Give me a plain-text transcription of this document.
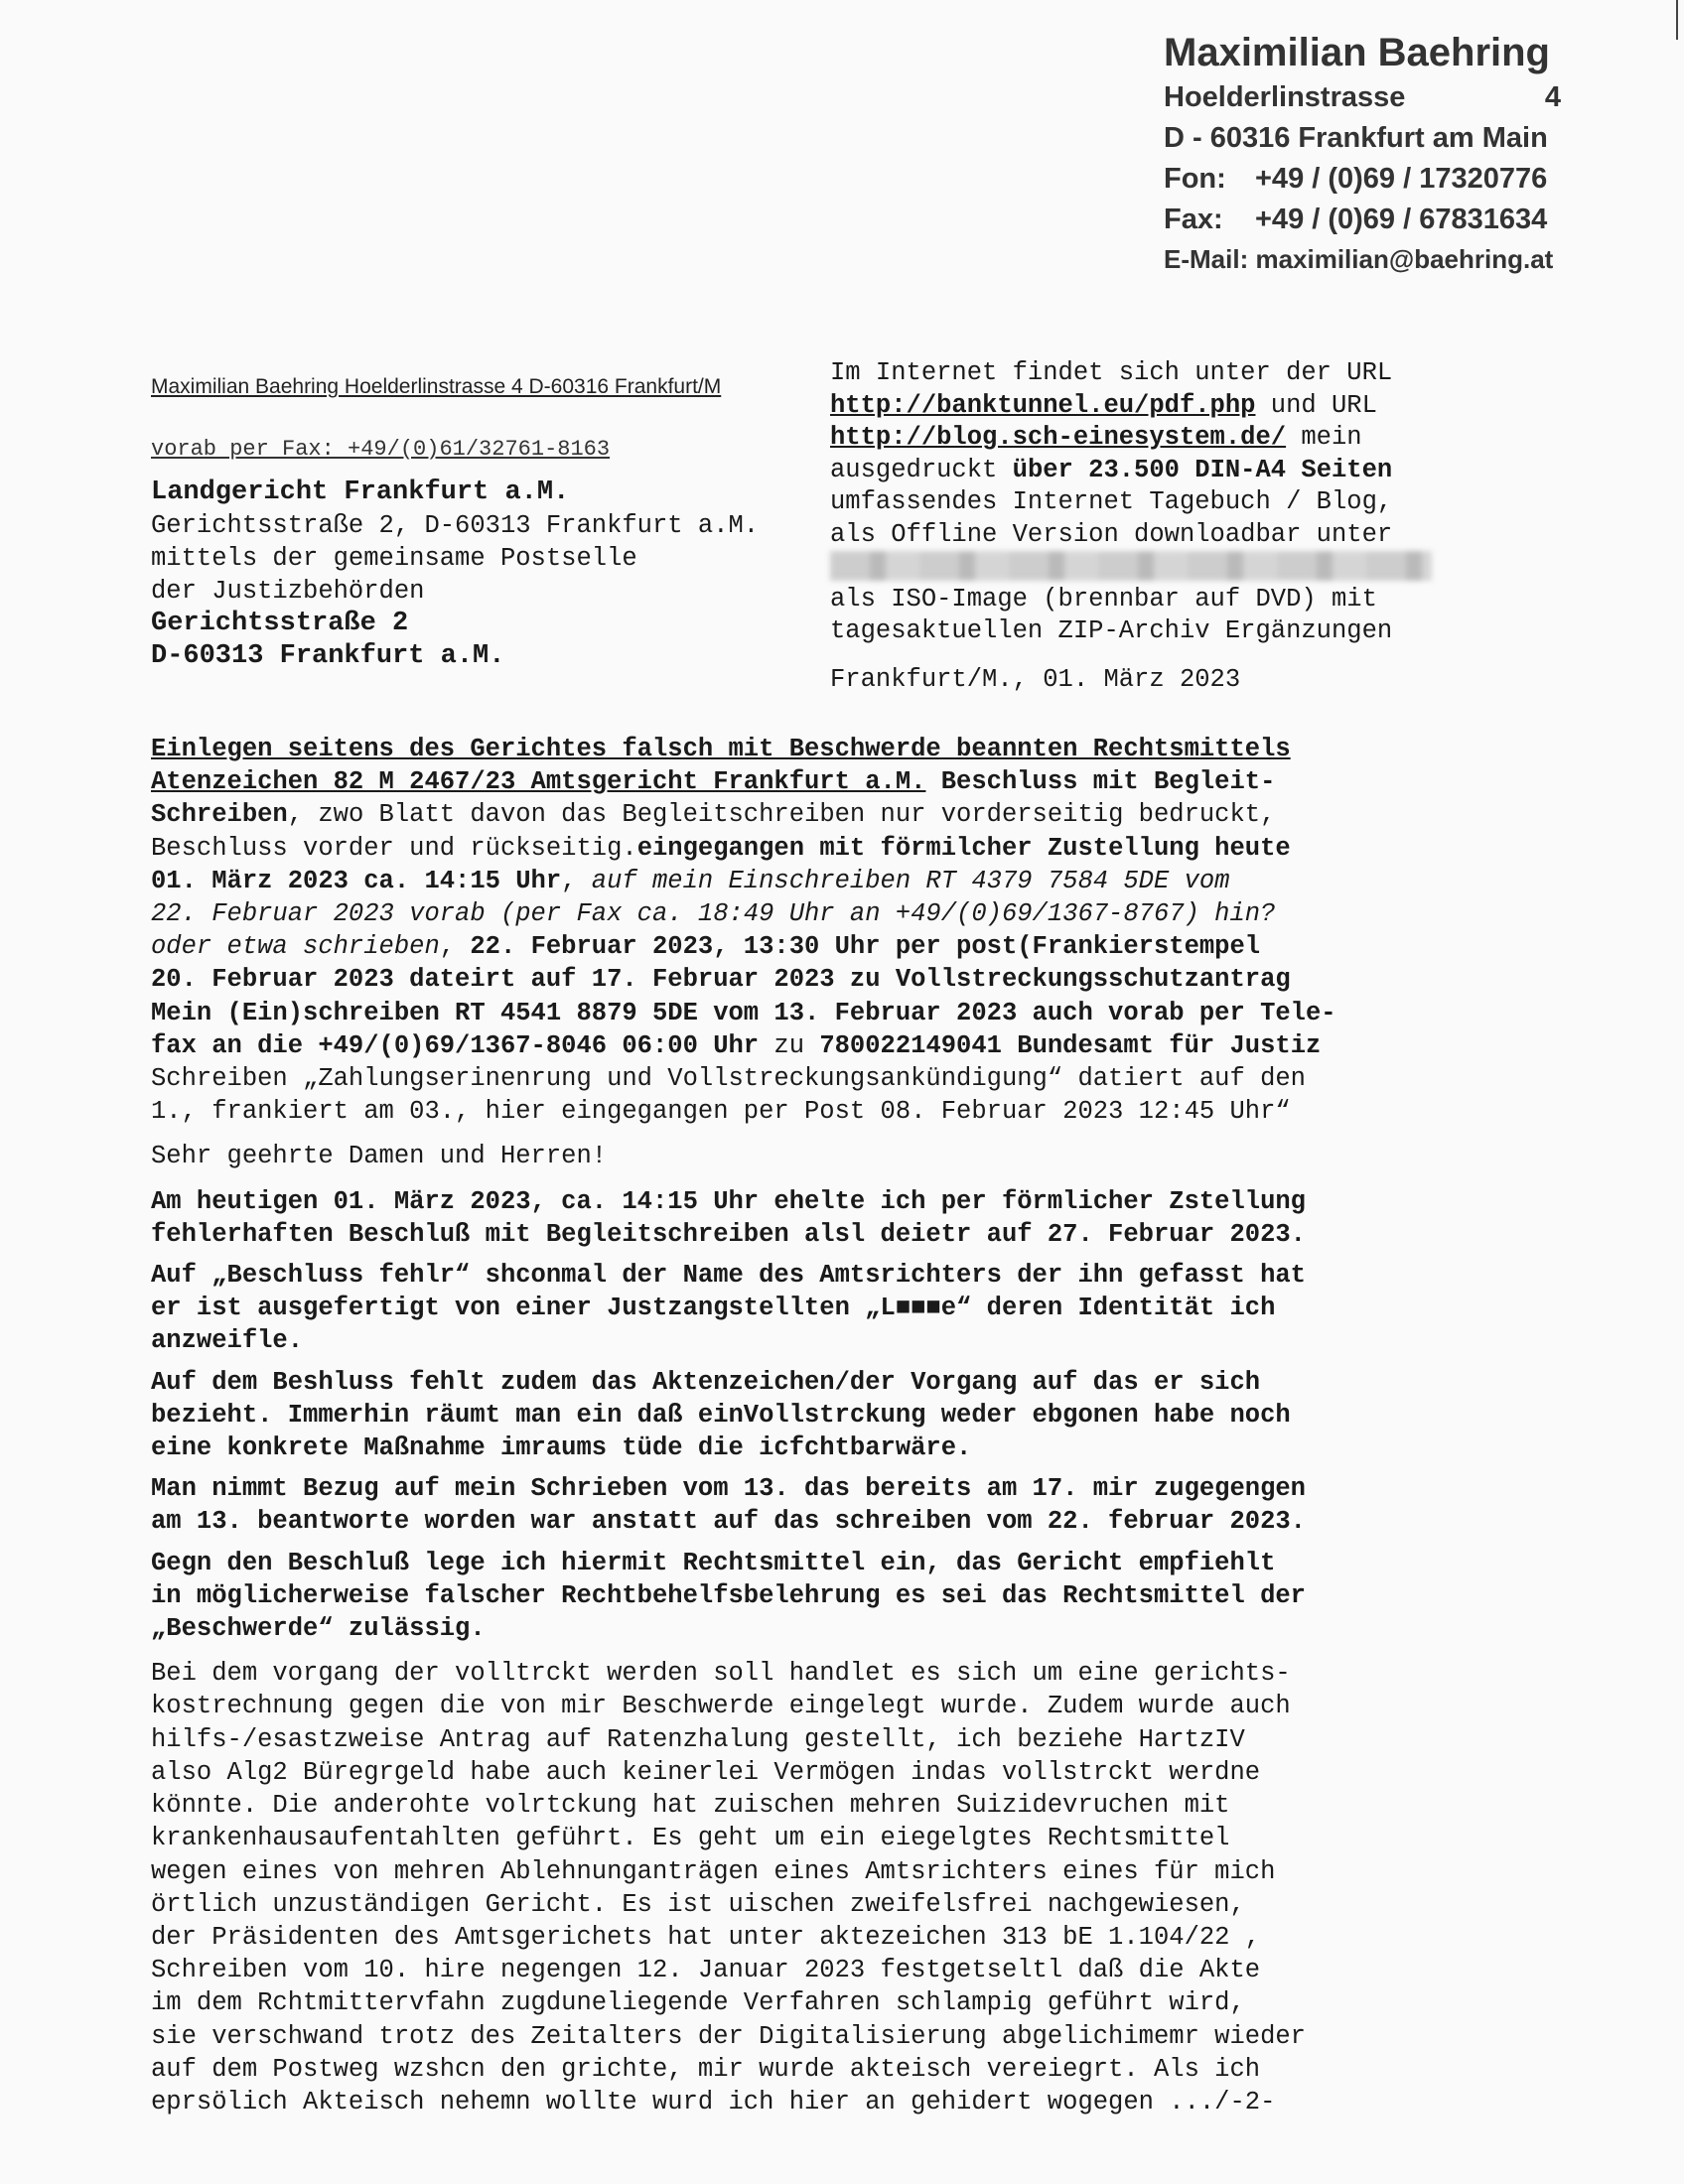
Maximilian Baehring
Hoelderlinstrasse	4
D - 60316 Frankfurt am Main
Fon:	+49 / (0)69 / 17320776
Fax:	+49 / (0)69 / 67831634
E-Mail: maximilian@baehring.at
Maximilian Baehring Hoelderlinstrasse 4 D-60316 Frankfurt/M
vorab per Fax: +49/(0)61/32761-8163
Landgericht Frankfurt a.M.
Gerichtsstraße 2, D-60313 Frankfurt a.M.
mittels der gemeinsame Postselle
der Justizbehörden
Gerichtsstraße 2
D-60313 Frankfurt a.M.
Im Internet findet sich unter der URL
http://banktunnel.eu/pdf.php und URL
http://blog.sch-einesystem.de/ mein
ausgedruckt über 23.500 DIN-A4 Seiten
umfassendes Internet Tagebuch / Blog,
als Offline Version downloadbar unter
als ISO-Image (brennbar auf DVD) mit
tagesaktuellen ZIP-Archiv Ergänzungen
Frankfurt/M., 01. März 2023
Einlegen seitens des Gerichtes falsch mit Beschwerde beannten Rechtsmittels
Atenzeichen 82 M 2467/23 Amtsgericht Frankfurt a.M. Beschluss mit Begleit-
Schreiben, zwo Blatt davon das Begleitschreiben nur vorderseitig bedruckt,
Beschluss vorder und rückseitig.eingegangen mit förmilcher Zustellung heute
01. März 2023 ca. 14:15 Uhr, auf mein Einschreiben RT 4379 7584 5DE vom
22. Februar 2023 vorab (per Fax ca. 18:49 Uhr an +49/(0)69/1367-8767) hin?
oder etwa schrieben, 22. Februar 2023, 13:30 Uhr per post(Frankierstempel
20. Februar 2023 dateirt auf 17. Februar 2023 zu Vollstreckungsschutzantrag
Mein (Ein)schreiben RT 4541 8879 5DE vom 13. Februar 2023 auch vorab per Tele-
fax an die +49/(0)69/1367-8046 06:00 Uhr zu 780022149041 Bundesamt für Justiz
Schreiben „Zahlungserinenrung und Vollstreckungsankündigung“ datiert auf den
1., frankiert am 03., hier eingegangen per Post 08. Februar 2023 12:45 Uhr“
Sehr geehrte Damen und Herren!
Am heutigen 01. März 2023, ca. 14:15 Uhr ehelte ich per förmlicher Zstellung
fehlerhaften Beschluß mit Begleitschreiben alsl deietr auf 27. Februar 2023.
Auf „Beschluss fehlr“ shconmal der Name des Amtsrichters der ihn gefasst hat
er ist ausgefertigt von einer Justzangstellten „L■■■e“ deren Identität ich
anzweifle.
Auf dem Beshluss fehlt zudem das Aktenzeichen/der Vorgang auf das er sich
bezieht. Immerhin räumt man ein daß einVollstrckung weder ebgonen habe noch
eine konkrete Maßnahme imraums tüde die icfchtbarwäre.
Man nimmt Bezug auf mein Schrieben vom 13. das bereits am 17. mir zugegengen
am 13. beantworte worden war anstatt auf das schreiben vom 22. februar 2023.
Gegn den Beschluß lege ich hiermit Rechtsmittel ein, das Gericht empfiehlt
in möglicherweise falscher Rechtbehelfsbelehrung es sei das Rechtsmittel der
„Beschwerde“ zulässig.
Bei dem vorgang der volltrckt werden soll handlet es sich um eine gerichts-
kostrechnung gegen die von mir Beschwerde eingelegt wurde. Zudem wurde auch
hilfs-/esastzweise Antrag auf Ratenzhalung gestellt, ich beziehe HartzIV
also Alg2 Büregrgeld habe auch keinerlei Vermögen indas vollstrckt werdne
könnte. Die anderohte volrtckung hat zuischen mehren Suizidevruchen mit
krankenhausaufentahlten geführt. Es geht um ein eiegelgtes Rechtsmittel
wegen eines von mehren Ablehnunganträgen eines Amtsrichters eines für mich
örtlich unzuständigen Gericht. Es ist uischen zweifelsfrei nachgewiesen,
der Präsidenten des Amtsgerichets hat unter aktezeichen 313 bE 1.104/22 ,
Schreiben vom 10. hire negengen 12. Januar 2023 festgetseltl daß die Akte
im dem Rchtmittervfahn zugduneliegende Verfahren schlampig geführt wird,
sie verschwand trotz des Zeitalters der Digitalisierung abgelichimemr wieder
auf dem Postweg wzshcn den grichte, mir wurde akteisch vereiegrt. Als ich
eprsölich Akteisch nehemn wollte wurd ich hier an gehidert wogegen .../-2-
